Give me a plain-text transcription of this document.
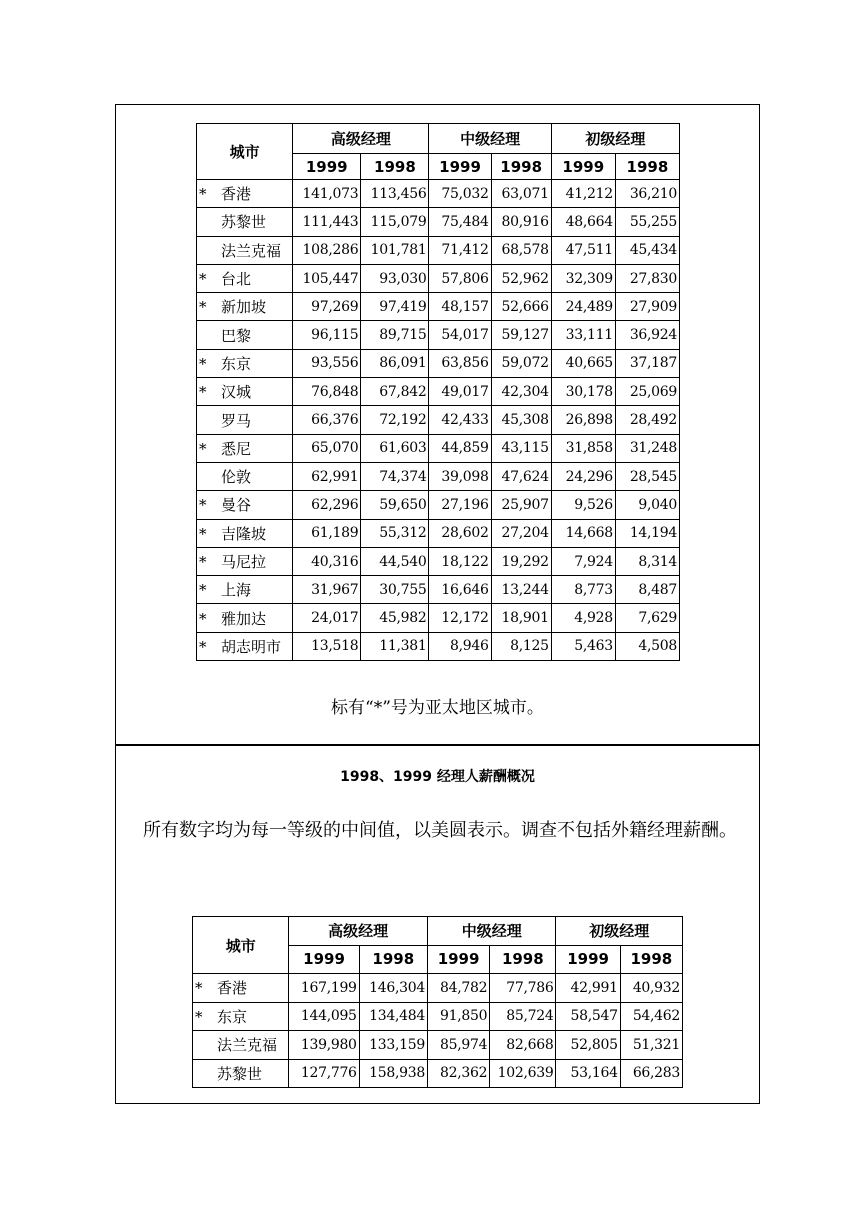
城市	高级经理		中级经理		初级经理	
	1999	1998	1999	1998	1999	1998
* 香港	141,073	113,456	75,032	63,071	41,212	36,210
苏黎世	111,443	115,079	75,484	80,916	48,664	55,255
法兰克福	108,286	101,781	71,412	68,578	47,511	45,434
* 台北	105,447	93,030	57,806	52,962	32,309	27,830
* 新加坡	97,269	97,419	48,157	52,666	24,489	27,909
巴黎	96,115	89,715	54,017	59,127	33,111	36,924
* 东京	93,556	86,091	63,856	59,072	40,665	37,187
* 汉城	76,848	67,842	49,017	42,304	30,178	25,069
罗马	66,376	72,192	42,433	45,308	26,898	28,492
* 悉尼	65,070	61,603	44,859	43,115	31,858	31,248
伦敦	62,991	74,374	39,098	47,624	24,296	28,545
* 曼谷	62,296	59,650	27,196	25,907	9,526	9,040
* 吉隆坡	61,189	55,312	28,602	27,204	14,668	14,194
* 马尼拉	40,316	44,540	18,122	19,292	7,924	8,314
* 上海	31,967	30,755	16,646	13,244	8,773	8,487
* 雅加达	24,017	45,982	12,172	18,901	4,928	7,629
* 胡志明市	13,518	11,381	8,946	8,125	5,463	4,508
标有“*”号为亚太地区城市。
1998、1999 经理人薪酬概况
所有数字均为每一等级的中间值，以美圆表示。调查不包括外籍经理薪酬。
城市	高级经理		中级经理		初级经理	
	1999	1998	1999	1998	1999	1998
* 香港	167,199	146,304	84,782	77,786	42,991	40,932
* 东京	144,095	134,484	91,850	85,724	58,547	54,462
法兰克福	139,980	133,159	85,974	82,668	52,805	51,321
苏黎世	127,776	158,938	82,362	102,639	53,164	66,283
